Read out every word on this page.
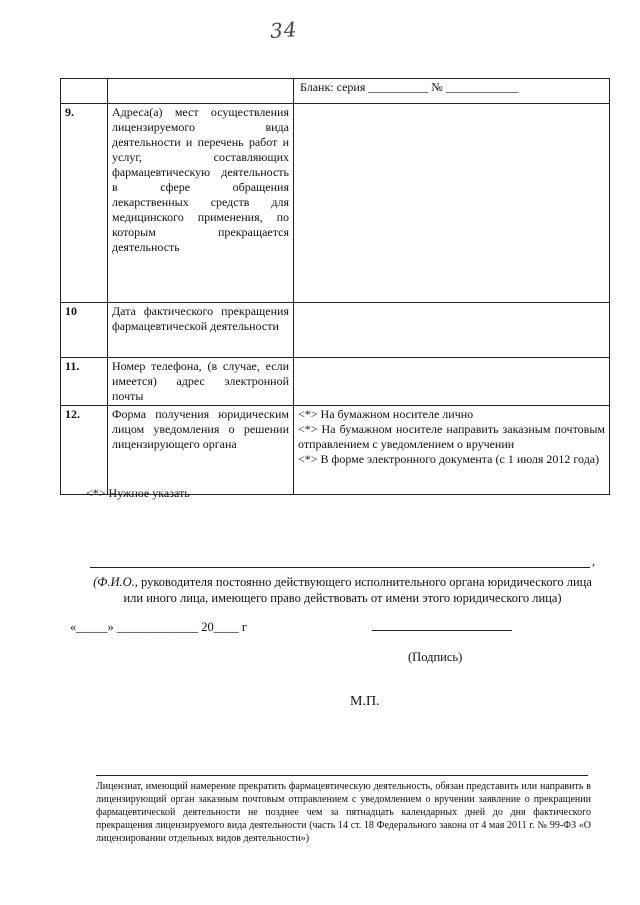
34
		Бланк: серия __________ № ____________
9.	Адреса(а) мест осуществления лицензируемого вида деятельности и перечень работ и услуг, составляющих фармацевтическую деятельность в сфере обращения лекарственных средств для медицинского применения, по которым прекращается деятельность	
10	Дата фактического прекращения фармацевтической деятельности	
11.	Номер телефона, (в случае, если имеется) адрес электронной почты	
12.	Форма получения юридическим лицом уведомления о решении лицензирующего органа	<*> На бумажном носителе лично
<*> На бумажном носителе направить заказным почтовым отправлением с уведомлением о вручении
<*> В форме электронного документа (с 1 июля 2012 года)
<*> Нужное указать
,
(Ф.И.О., руководителя постоянно действующего исполнительного органа юридического лица или иного лица, имеющего право действовать от имени этого юридического лица)
«_____» _____________ 20____ г
(Подпись)
М.П.
Лицензиат, имеющий намерение прекратить фармацевтическую деятельность, обязан представить или направить в лицензирующий орган заказным почтовым отправлением с уведомлением о вручении заявление о прекращении фармацевтической деятельности не позднее чем за пятнадцать календарных дней до дня фактического прекращения лицензируемого вида деятельности (часть 14 ст. 18 Федерального закона от 4 мая 2011 г. № 99-ФЗ «О лицензировании отдельных видов деятельности»)
